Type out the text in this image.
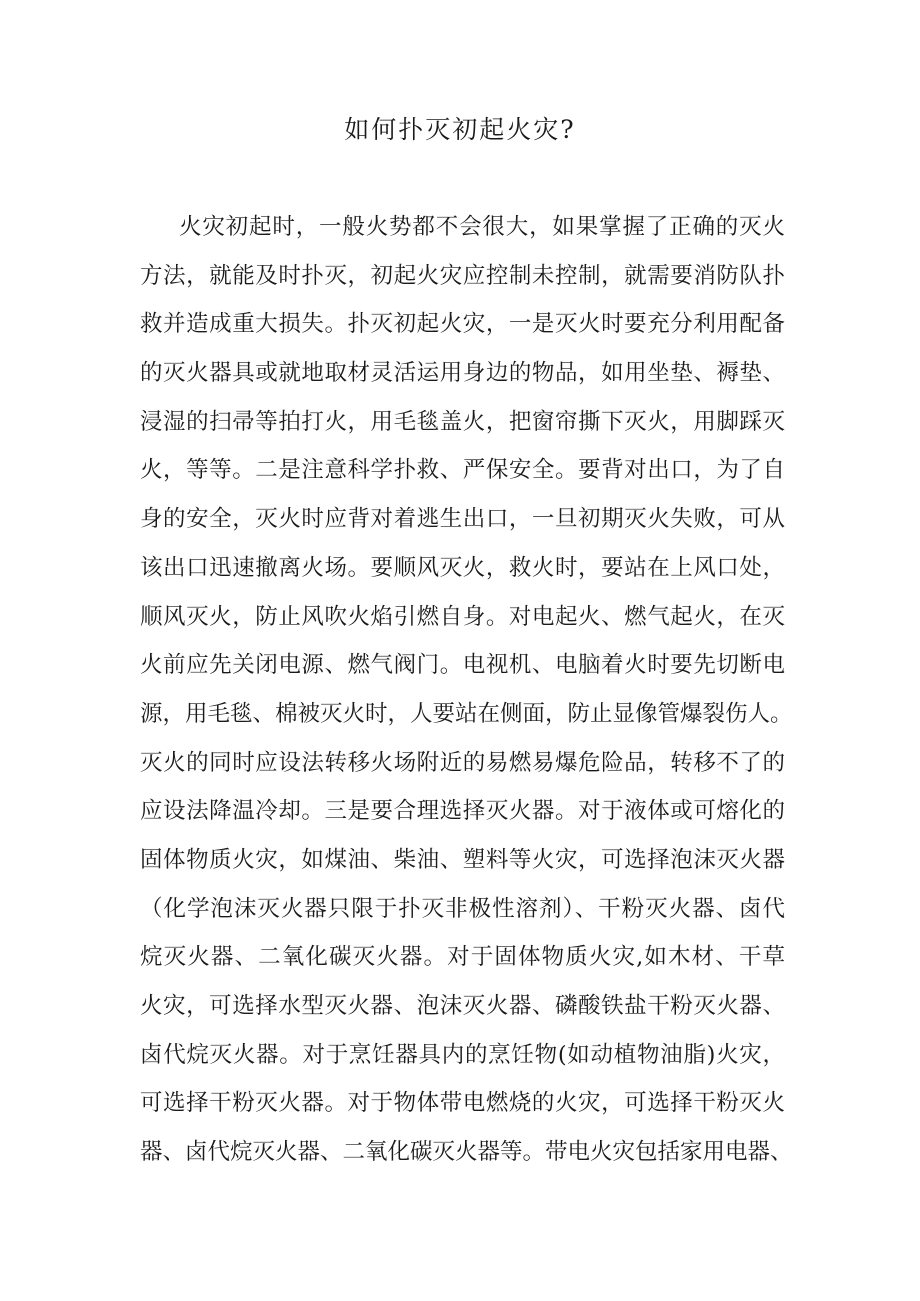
如何扑灭初起火灾?
火灾初起时，一般火势都不会很大，如果掌握了正确的灭火
方法，就能及时扑灭，初起火灾应控制未控制，就需要消防队扑
救并造成重大损失。扑灭初起火灾，一是灭火时要充分利用配备
的灭火器具或就地取材灵活运用身边的物品，如用坐垫、褥垫、
浸湿的扫帚等拍打火，用毛毯盖火，把窗帘撕下灭火，用脚踩灭
火，等等。二是注意科学扑救、严保安全。要背对出口，为了自
身的安全，灭火时应背对着逃生出口，一旦初期灭火失败，可从
该出口迅速撤离火场。要顺风灭火，救火时，要站在上风口处，
顺风灭火，防止风吹火焰引燃自身。对电起火、燃气起火，在灭
火前应先关闭电源、燃气阀门。电视机、电脑着火时要先切断电
源，用毛毯、棉被灭火时，人要站在侧面，防止显像管爆裂伤人。
灭火的同时应设法转移火场附近的易燃易爆危险品，转移不了的
应设法降温冷却。三是要合理选择灭火器。对于液体或可熔化的
固体物质火灾，如煤油、柴油、塑料等火灾，可选择泡沫灭火器
（化学泡沫灭火器只限于扑灭非极性溶剂）、干粉灭火器、卤代
烷灭火器、二氧化碳灭火器。对于固体物质火灾,如木材、干草
火灾，可选择水型灭火器、泡沫灭火器、磷酸铁盐干粉灭火器、
卤代烷灭火器。对于烹饪器具内的烹饪物(如动植物油脂)火灾，
可选择干粉灭火器。对于物体带电燃烧的火灾，可选择干粉灭火
器、卤代烷灭火器、二氧化碳灭火器等。带电火灾包括家用电器、
